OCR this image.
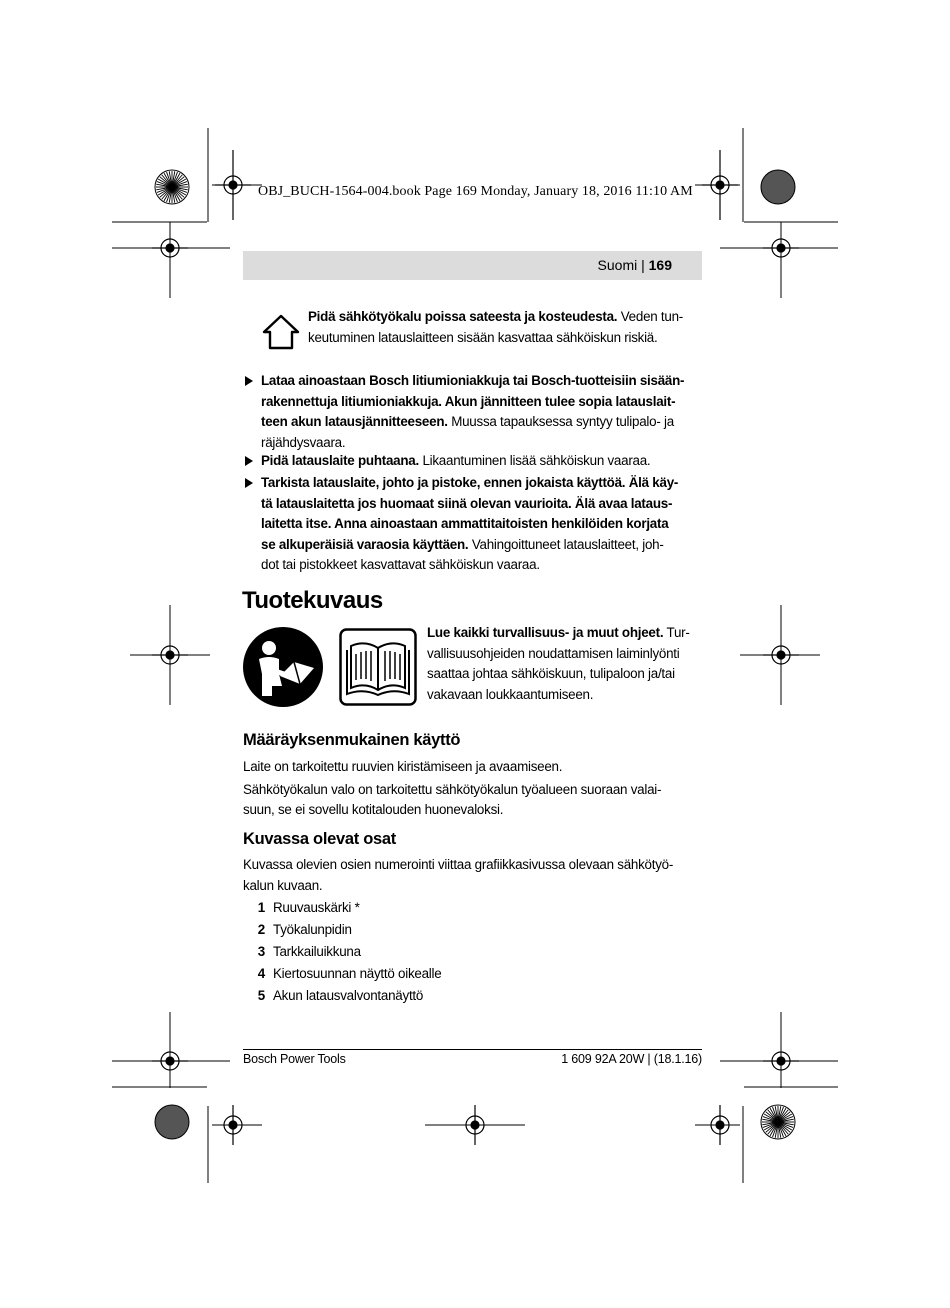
OBJ_BUCH-1564-004.book Page 169 Monday, January 18, 2016 11:10 AM
Suomi | 169
Pidä sähkötyökalu poissa sateesta ja kosteudesta. Veden tun-
keutuminen latauslaitteen sisään kasvattaa sähköiskun riskiä.
Lataa ainoastaan Bosch litiumioniakkuja tai Bosch-tuotteisiin sisään-
rakennettuja litiumioniakkuja. Akun jännitteen tulee sopia latauslait-
teen akun latausjännitteeseen. Muussa tapauksessa syntyy tulipalo- ja
räjähdysvaara.
Pidä latauslaite puhtaana. Likaantuminen lisää sähköiskun vaaraa.
Tarkista latauslaite, johto ja pistoke, ennen jokaista käyttöä. Älä käy-
tä latauslaitetta jos huomaat siinä olevan vaurioita. Älä avaa lataus-
laitetta itse. Anna ainoastaan ammattitaitoisten henkilöiden korjata
se alkuperäisiä varaosia käyttäen. Vahingoittuneet latauslaitteet, joh-
dot tai pistokkeet kasvattavat sähköiskun vaaraa.
Tuotekuvaus
Lue kaikki turvallisuus- ja muut ohjeet. Tur-
vallisuusohjeiden noudattamisen laiminlyönti
saattaa johtaa sähköiskuun, tulipaloon ja/tai
vakavaan loukkaantumiseen.
Määräyksenmukainen käyttö
Laite on tarkoitettu ruuvien kiristämiseen ja avaamiseen.
Sähkötyökalun valo on tarkoitettu sähkötyökalun työalueen suoraan valai-
suun, se ei sovellu kotitalouden huonevaloksi.
Kuvassa olevat osat
Kuvassa olevien osien numerointi viittaa grafiikkasivussa olevaan sähkötyö-
kalun kuvaan.
1 Ruuvauskärki *
2 Työkalunpidin
3 Tarkkailuikkuna
4 Kiertosuunnan näyttö oikealle
5 Akun latausvalvontanäyttö
Bosch Power Tools	1 609 92A 20W | (18.1.16)
